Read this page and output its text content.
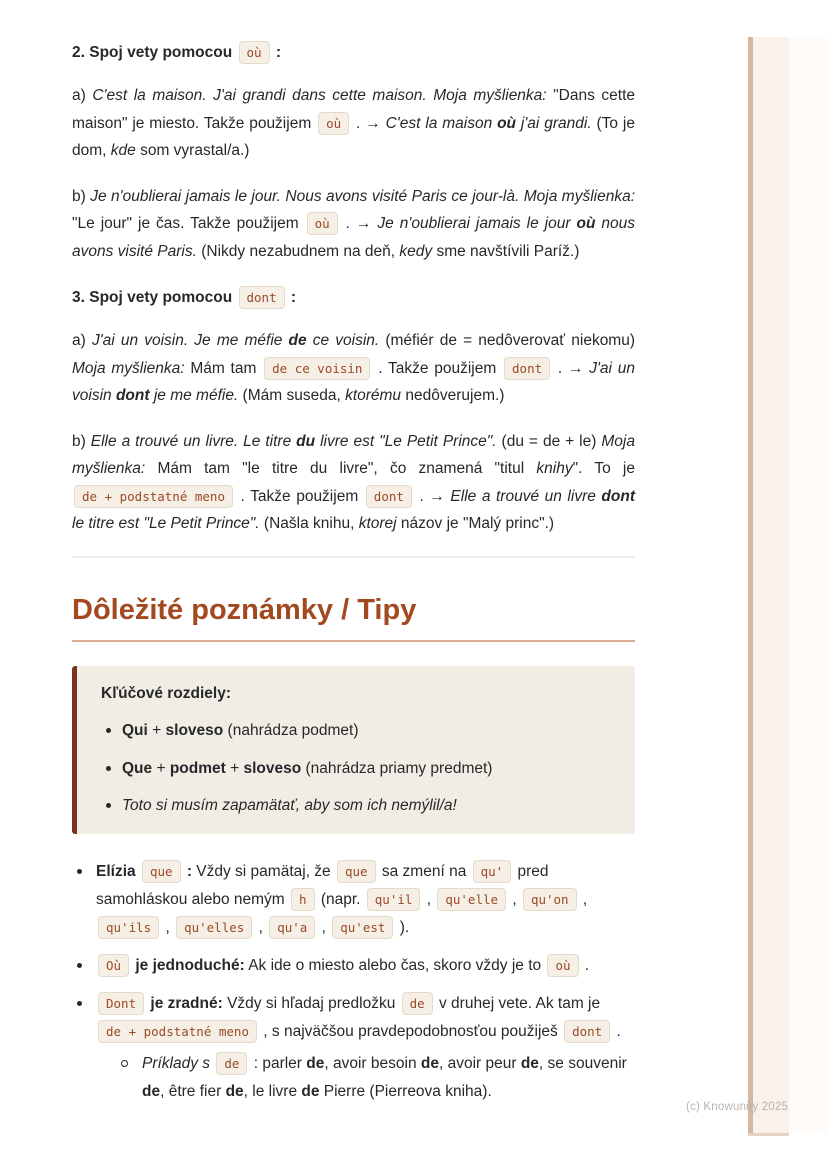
2. Spoj vety pomocou où :

a) C'est la maison. J'ai grandi dans cette maison. Moja myšlienka: "Dans cette maison" je miesto. Takže použijem où . → C'est la maison où j'ai grandi. (To je dom, kde som vyrastal/a.)

b) Je n'oublierai jamais le jour. Nous avons visité Paris ce jour-là. Moja myšlienka: "Le jour" je čas. Takže použijem où . → Je n'oublierai jamais le jour où nous avons visité Paris. (Nikdy nezabudnem na deň, kedy sme navštívili Paríž.)

3. Spoj vety pomocou dont :

a) J'ai un voisin. Je me méfie de ce voisin. (méfiér de = nedôverovať niekomu) Moja myšlienka: Mám tam de ce voisin . Takže použijem dont . → J'ai un voisin dont je me méfie. (Mám suseda, ktorému nedôverujem.)

b) Elle a trouvé un livre. Le titre du livre est "Le Petit Prince". (du = de + le) Moja myšlienka: Mám tam "le titre du livre", čo znamená "titul knihy". To je de + podstatné meno . Takže použijem dont . → Elle a trouvé un livre dont le titre est "Le Petit Prince". (Našla knihu, ktorej názov je "Malý princ".)

Dôležité poznámky / Tipy

Kľúčové rozdiely:

Qui + sloveso (nahrádza podmet)
Que + podmet + sloveso (nahrádza priamy predmet)
Toto si musím zapamätať, aby som ich nemýlil/a!
Elízia que : Vždy si pamätaj, že que sa zmení na qu' pred samohláskou alebo nemým h (napr. qu'il , qu'elle , qu'on , qu'ils , qu'elles , qu'a , qu'est ).
Où je jednoduché: Ak ide o miesto alebo čas, skoro vždy je to où .
Dont je zradné: Vždy si hľadaj predložku de v druhej vete. Ak tam je de + podstatné meno , s najväčšou pravdepodobnosťou použiješ dont .
Príklady s de : parler de, avoir besoin de, avoir peur de, se souvenir de, être fier de, le livre de Pierre (Pierreova kniha).
(c) Knowunity 2025
